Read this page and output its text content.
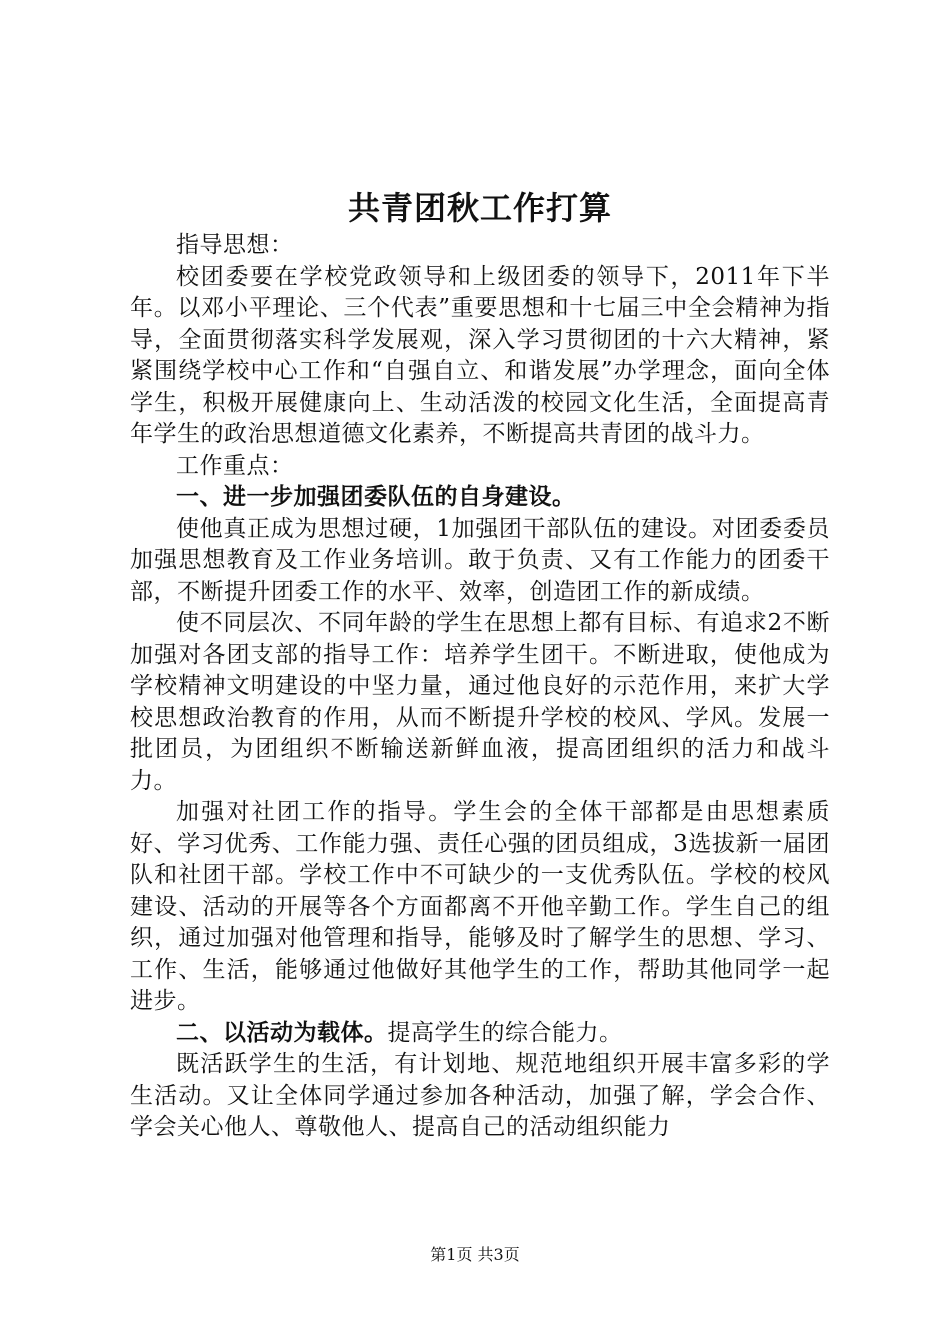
共青团秋工作打算

指导思想：

校团委要在学校党政领导和上级团委的领导下，2011年下半年。以邓小平理论、三个代表”重要思想和十七届三中全会精神为指导，全面贯彻落实科学发展观，深入学习贯彻团的十六大精神，紧紧围绕学校中心工作和“自强自立、和谐发展”办学理念，面向全体学生，积极开展健康向上、生动活泼的校园文化生活，全面提高青年学生的政治思想道德文化素养，不断提高共青团的战斗力。

工作重点：

一、进一步加强团委队伍的自身建设。

使他真正成为思想过硬，1加强团干部队伍的建设。对团委委员加强思想教育及工作业务培训。敢于负责、又有工作能力的团委干部，不断提升团委工作的水平、效率，创造团工作的新成绩。

使不同层次、不同年龄的学生在思想上都有目标、有追求2不断加强对各团支部的指导工作：培养学生团干。不断进取，使他成为学校精神文明建设的中坚力量，通过他良好的示范作用，来扩大学校思想政治教育的作用，从而不断提升学校的校风、学风。发展一批团员，为团组织不断输送新鲜血液，提高团组织的活力和战斗力。

加强对社团工作的指导。学生会的全体干部都是由思想素质好、学习优秀、工作能力强、责任心强的团员组成，3选拔新一届团队和社团干部。学校工作中不可缺少的一支优秀队伍。学校的校风建设、活动的开展等各个方面都离不开他辛勤工作。学生自己的组织，通过加强对他管理和指导，能够及时了解学生的思想、学习、工作、生活，能够通过他做好其他学生的工作，帮助其他同学一起进步。

二、以活动为载体。提高学生的综合能力。

既活跃学生的生活，有计划地、规范地组织开展丰富多彩的学生活动。又让全体同学通过参加各种活动，加强了解，学会合作、学会关心他人、尊敬他人、提高自己的活动组织能力

第1页 共3页
